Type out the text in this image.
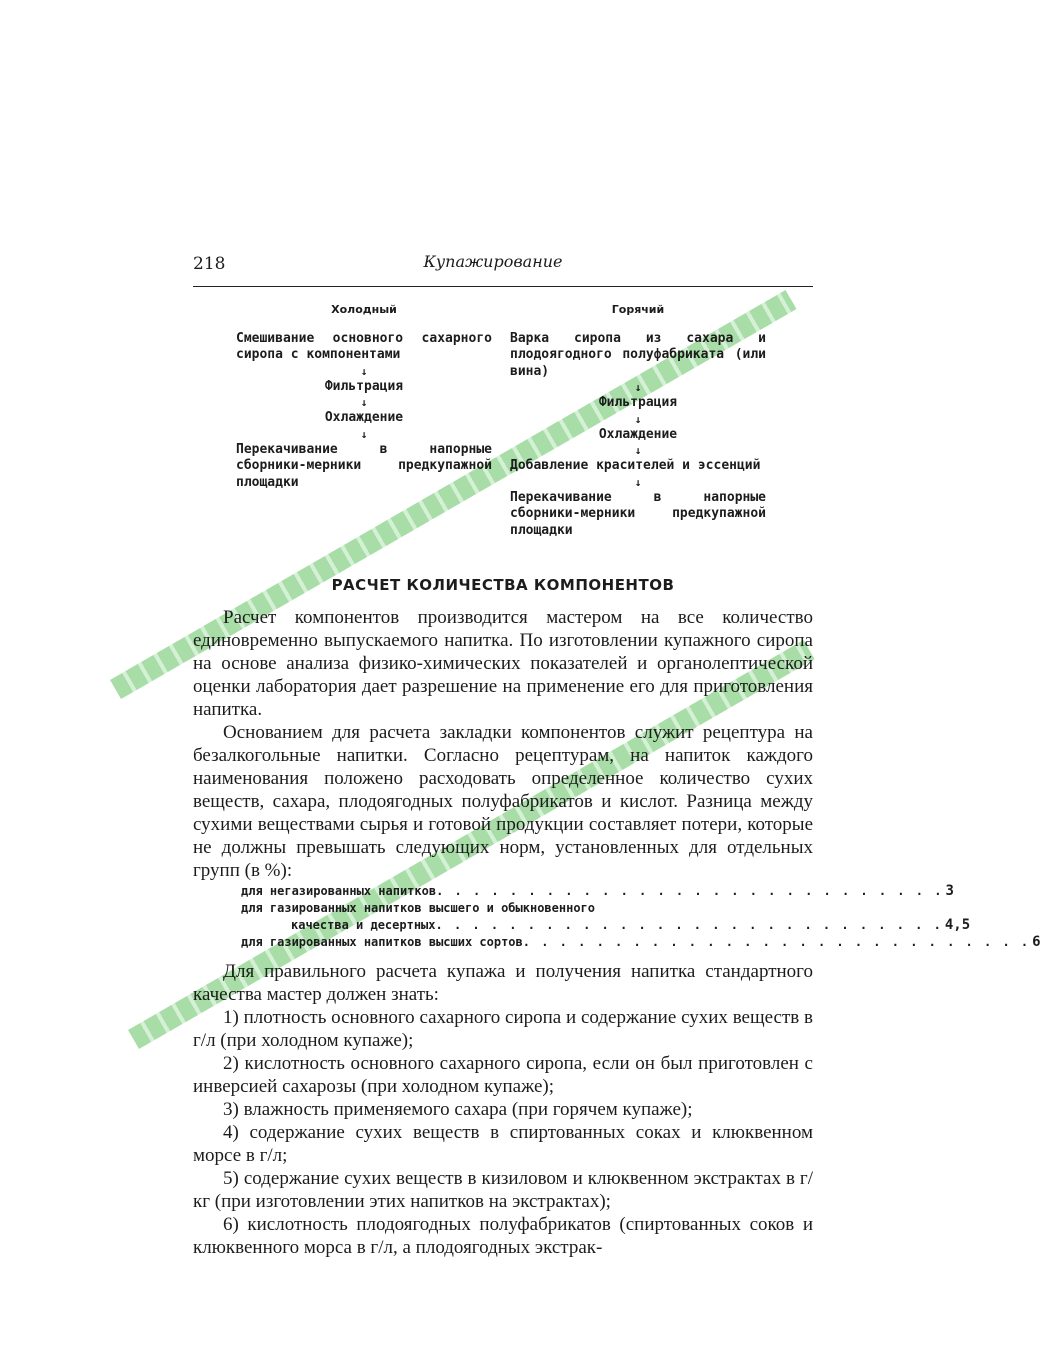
218	Купажирование
Холодный
Смешивание основного сахарного сиропа с компонентами
↓
Фильтрация
↓
Охлаждение
↓
Перекачивание в напорные сборники-мерники предкупажной площадки
Горячий
Варка сиропа из сахара и плодоягодного полуфабриката (или вина)
↓
Фильтрация
↓
Охлаждение
↓
Добавление красителей и эссенций
↓
Перекачивание в напорные сборники-мерники предкупажной площадки
РАСЧЕТ КОЛИЧЕСТВА КОМПОНЕНТОВ

Расчет компонентов производится мастером на все количество единовременно выпускаемого напитка. По изготовлении купажного сиропа на основе анализа физико-химических показателей и органолептической оценки лаборатория дает разрешение на применение его для приготовления напитка.

Основанием для расчета закладки компонентов служит рецептура на безалкогольные напитки. Согласно рецептурам, на напиток каждого наименования положено расходовать определенное количество сухих веществ, сахара, плодоягодных полуфабрикатов и кислот. Разница между сухими веществами сырья и готовой продукции составляет потери, которые не должны превышать следующих норм, установленных для отдельных групп (в %):

для негазированных напитков . . . . . . . . . . . . . . . . . . . . . . . . . . . . 3
для газированных напитков высшего и обыкновенного
качества и десертных . . . . . . . . . . . . . . . . . . . . . . . . . . . . 4,5
для газированных напитков высших сортов . . . . . . . . . . . . . . . . . . . . . . . . . . . . 6

Для правильного расчета купажа и получения напитка стандартного качества мастер должен знать:

1) плотность основного сахарного сиропа и содержание сухих веществ в г/л (при холодном купаже);

2) кислотность основного сахарного сиропа, если он был приготовлен с инверсией сахарозы (при холодном купаже);

3) влажность применяемого сахара (при горячем купаже);

4) содержание сухих веществ в спиртованных соках и клюквенном морсе в г/л;

5) содержание сухих веществ в кизиловом и клюквенном экстрактах в г/кг (при изготовлении этих напитков на экстрактах);

6) кислотность плодоягодных полуфабрикатов (спиртованных соков и клюквенного морса в г/л, а плодоягодных экстрак-
